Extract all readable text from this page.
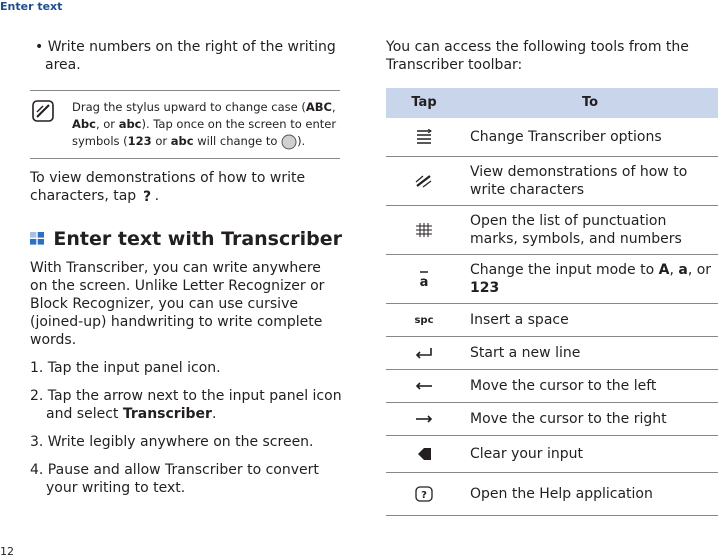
Enter text
• Write numbers on the right of the writing area.
Drag the stylus upward to change case (ABC, Abc, or abc). Tap once on the screen to enter symbols (123 or abc will change to ).
To view demonstrations of how to write characters, tap ? .
Enter text with Transcriber
With Transcriber, you can write anywhere on the screen. Unlike Letter Recognizer or Block Recognizer, you can use cursive (joined-up) handwriting to write complete words.
1. Tap the input panel icon.
2. Tap the arrow next to the input panel icon and select Transcriber.
3. Write legibly anywhere on the screen.
4. Pause and allow Transcriber to convert your writing to text.
You can access the following tools from the Transcriber toolbar:
Tap	To
	Change Transcriber options
	View demonstrations of how to write characters
	Open the list of punctuation marks, symbols, and numbers

a	Change the input mode to A, a, or 123

spc	Insert a space
	Start a new line
	Move the cursor to the left
	Move the cursor to the right
	Clear your input

?	Open the Help application
12
